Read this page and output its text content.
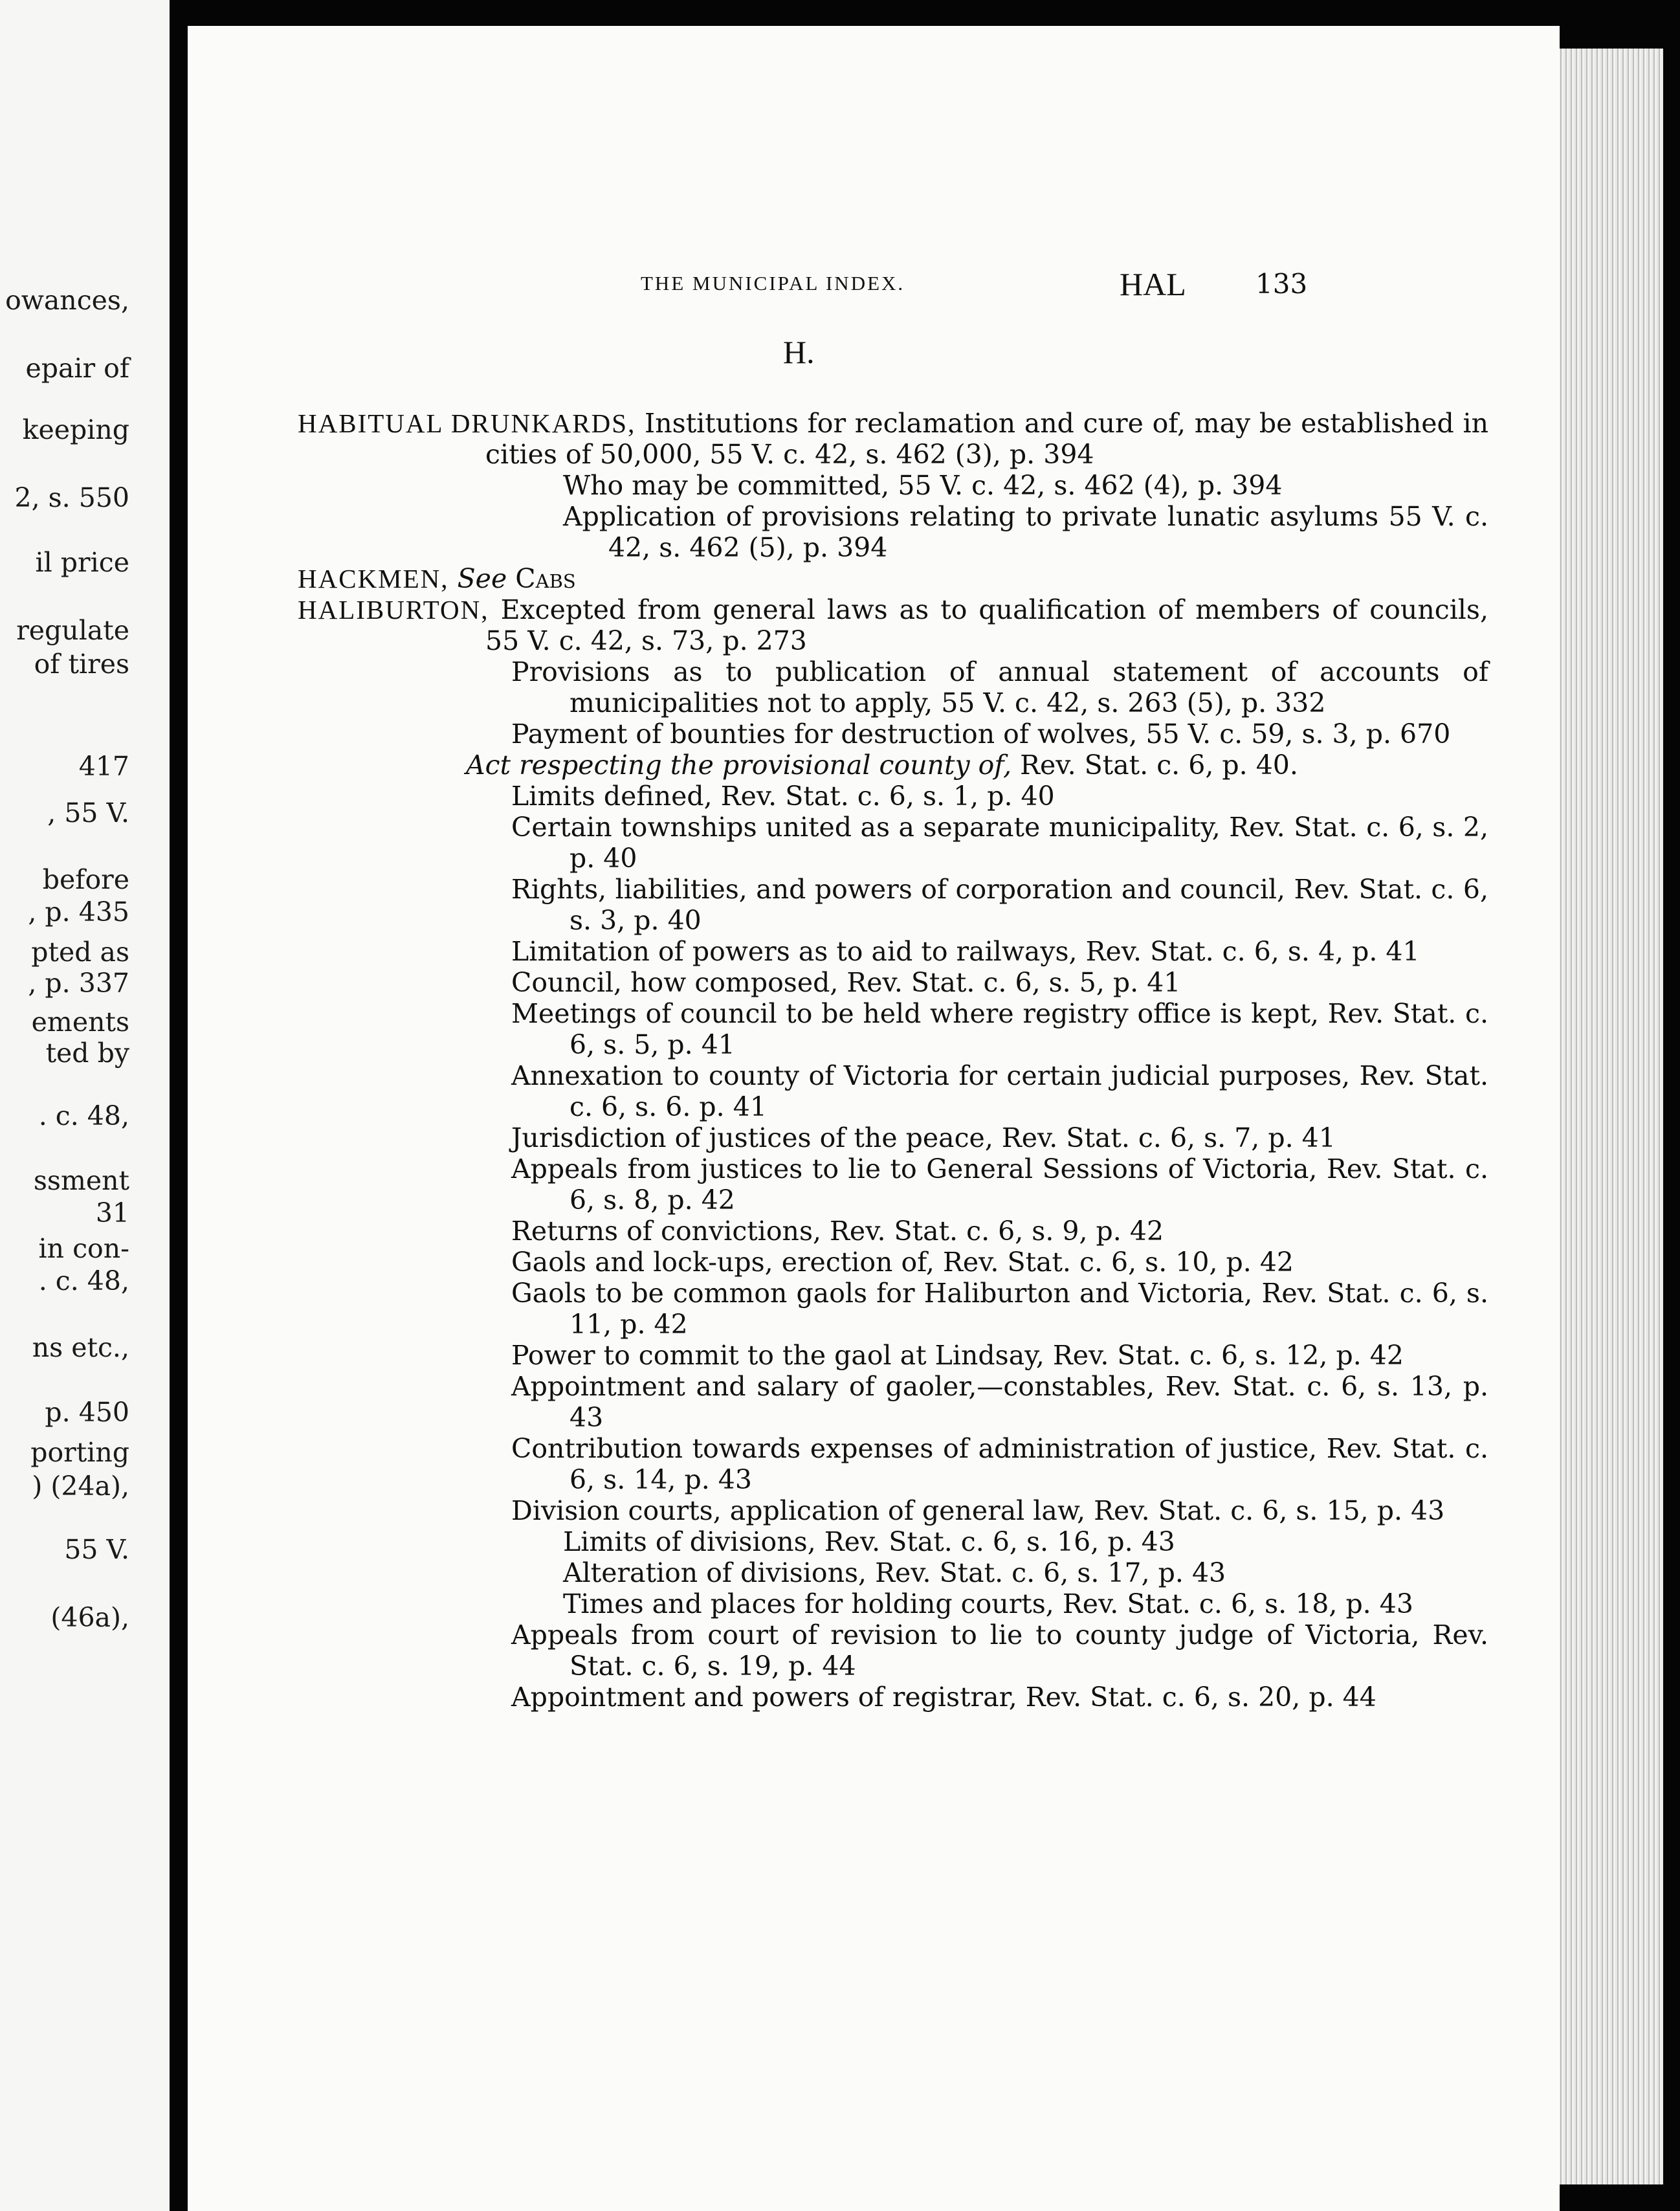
owances,
epair of
keeping
2, s. 550
il price
regulate
of tires
417
, 55 V.
before
, p. 435
pted as
, p. 337
ements
ted by
. c. 48,
ssment
31
in con-
. c. 48,
ns etc.,
p. 450
porting
) (24a),
55 V.
(46a),
THE MUNICIPAL INDEX.	HAL	133
H.

HABITUAL DRUNKARDS, Institutions for reclamation and cure of, may be established in cities of 50,000, 55 V. c. 42, s. 462 (3), p. 394

Who may be committed, 55 V. c. 42, s. 462 (4), p. 394

Application of provisions relating to private lunatic asylums 55 V. c. 42, s. 462 (5), p. 394

HACKMEN, See Cabs

HALIBURTON, Excepted from general laws as to qualification of members of councils, 55 V. c. 42, s. 73, p. 273

Provisions as to publication of annual statement of accounts of municipalities not to apply, 55 V. c. 42, s. 263 (5), p. 332

Payment of bounties for destruction of wolves, 55 V. c. 59, s. 3, p. 670

Act respecting the provisional county of, Rev. Stat. c. 6, p. 40.

Limits defined, Rev. Stat. c. 6, s. 1, p. 40

Certain townships united as a separate municipality, Rev. Stat. c. 6, s. 2, p. 40

Rights, liabilities, and powers of corporation and council, Rev. Stat. c. 6, s. 3, p. 40

Limitation of powers as to aid to railways, Rev. Stat. c. 6, s. 4, p. 41

Council, how composed, Rev. Stat. c. 6, s. 5, p. 41

Meetings of council to be held where registry office is kept, Rev. Stat. c. 6, s. 5, p. 41

Annexation to county of Victoria for certain judicial purposes, Rev. Stat. c. 6, s. 6. p. 41

Jurisdiction of justices of the peace, Rev. Stat. c. 6, s. 7, p. 41

Appeals from justices to lie to General Sessions of Victoria, Rev. Stat. c. 6, s. 8, p. 42

Returns of convictions, Rev. Stat. c. 6, s. 9, p. 42

Gaols and lock-ups, erection of, Rev. Stat. c. 6, s. 10, p. 42

Gaols to be common gaols for Haliburton and Victoria, Rev. Stat. c. 6, s. 11, p. 42

Power to commit to the gaol at Lindsay, Rev. Stat. c. 6, s. 12, p. 42

Appointment and salary of gaoler,—constables, Rev. Stat. c. 6, s. 13, p. 43

Contribution towards expenses of administration of justice, Rev. Stat. c. 6, s. 14, p. 43

Division courts, application of general law, Rev. Stat. c. 6, s. 15, p. 43

Limits of divisions, Rev. Stat. c. 6, s. 16, p. 43

Alteration of divisions, Rev. Stat. c. 6, s. 17, p. 43

Times and places for holding courts, Rev. Stat. c. 6, s. 18, p. 43

Appeals from court of revision to lie to county judge of Victoria, Rev. Stat. c. 6, s. 19, p. 44

Appointment and powers of registrar, Rev. Stat. c. 6, s. 20, p. 44
